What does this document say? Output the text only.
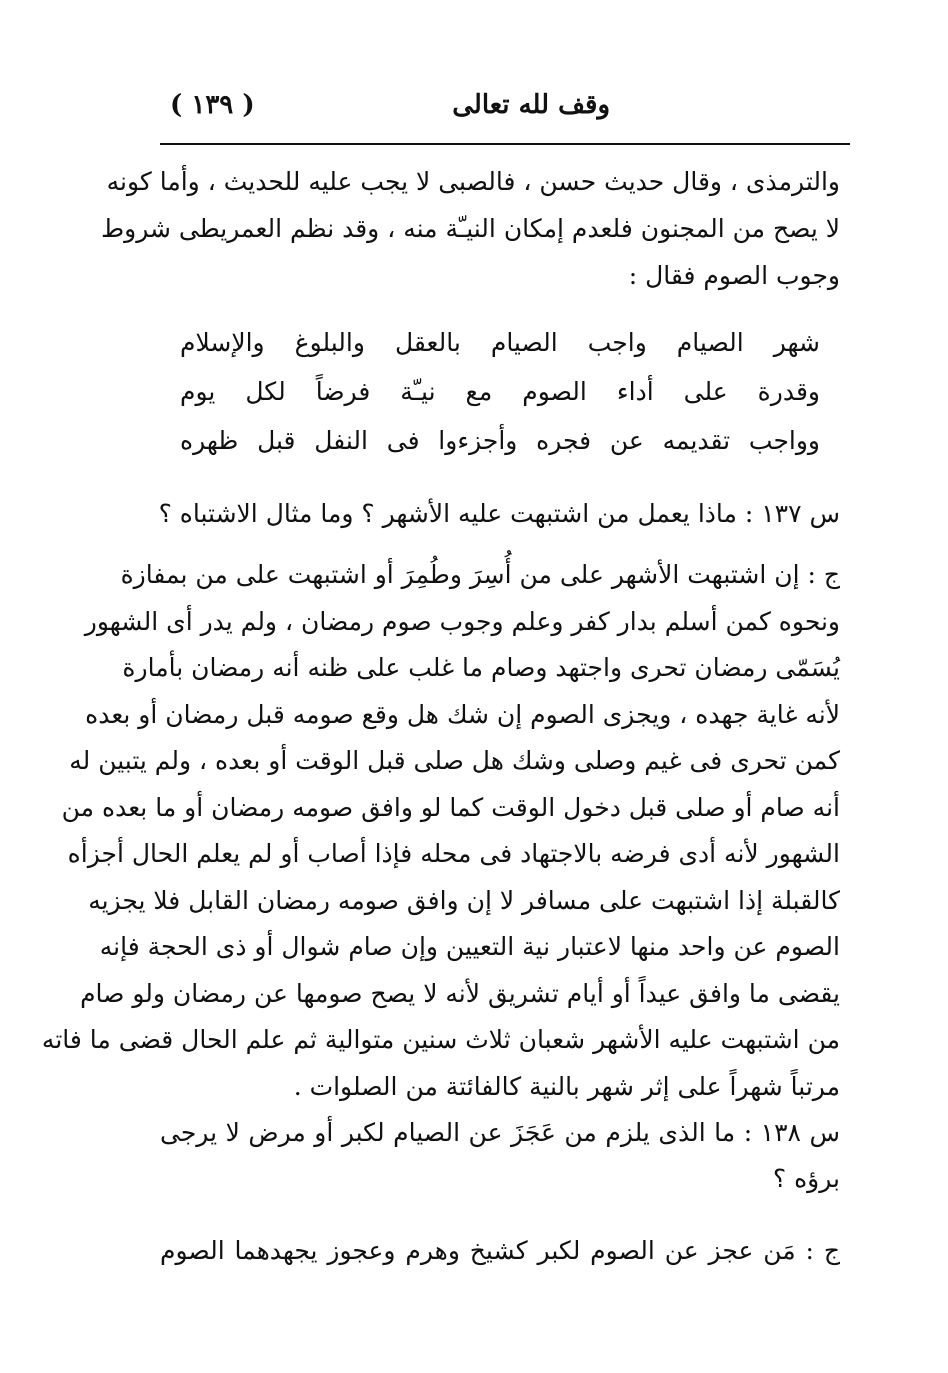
وقف لله تعالى
( ١٣٩ )
والترمذى ، وقال حديث حسن ، فالصبى لا يجب عليه للحديث ، وأما كونه
لا يصح من المجنون فلعدم إمكان النيـّة منه ، وقد نظم العمريطى شروط
وجوب الصوم فقال :
شهر الصيام واجب الصيام بالعقل والبلوغ والإسلام
وقدرة على أداء الصوم مع نيـّة فرضاً لكل يوم
وواجب تقديمه عن فجره وأجزءوا فى النفل قبل ظهره
س ١٣٧ : ماذا يعمل من اشتبهت عليه الأشهر ؟ وما مثال الاشتباه ؟
ج : إن اشتبهت الأشهر على من أُسِرَ وطُمِرَ أو اشتبهت على من بمفازة
ونحوه كمن أسلم بدار كفر وعلم وجوب صوم رمضان ، ولم يدر أى الشهور
يُسَمّى رمضان تحرى واجتهد وصام ما غلب على ظنه أنه رمضان بأمارة
لأنه غاية جهده ، ويجزى الصوم إن شك هل وقع صومه قبل رمضان أو بعده
كمن تحرى فى غيم وصلى وشك هل صلى قبل الوقت أو بعده ، ولم يتبين له
أنه صام أو صلى قبل دخول الوقت كما لو وافق صومه رمضان أو ما بعده من
الشهور لأنه أدى فرضه بالاجتهاد فى محله فإذا أصاب أو لم يعلم الحال أجزأه
كالقبلة إذا اشتبهت على مسافر لا إن وافق صومه رمضان القابل فلا يجزيه
الصوم عن واحد منها لاعتبار نية التعيين وإن صام شوال أو ذى الحجة فإنه
يقضى ما وافق عيداً أو أيام تشريق لأنه لا يصح صومها عن رمضان ولو صام
من اشتبهت عليه الأشهر شعبان ثلاث سنين متوالية ثم علم الحال قضى ما فاته
مرتباً شهراً على إثر شهر بالنية كالفائتة من الصلوات .
س ١٣٨ : ما الذى يلزم من عَجَزَ عن الصيام لكبر أو مرض لا يرجى
برؤه ؟
ج : مَن عجز عن الصوم لكبر كشيخ وهرم وعجوز يجهدهما الصوم
